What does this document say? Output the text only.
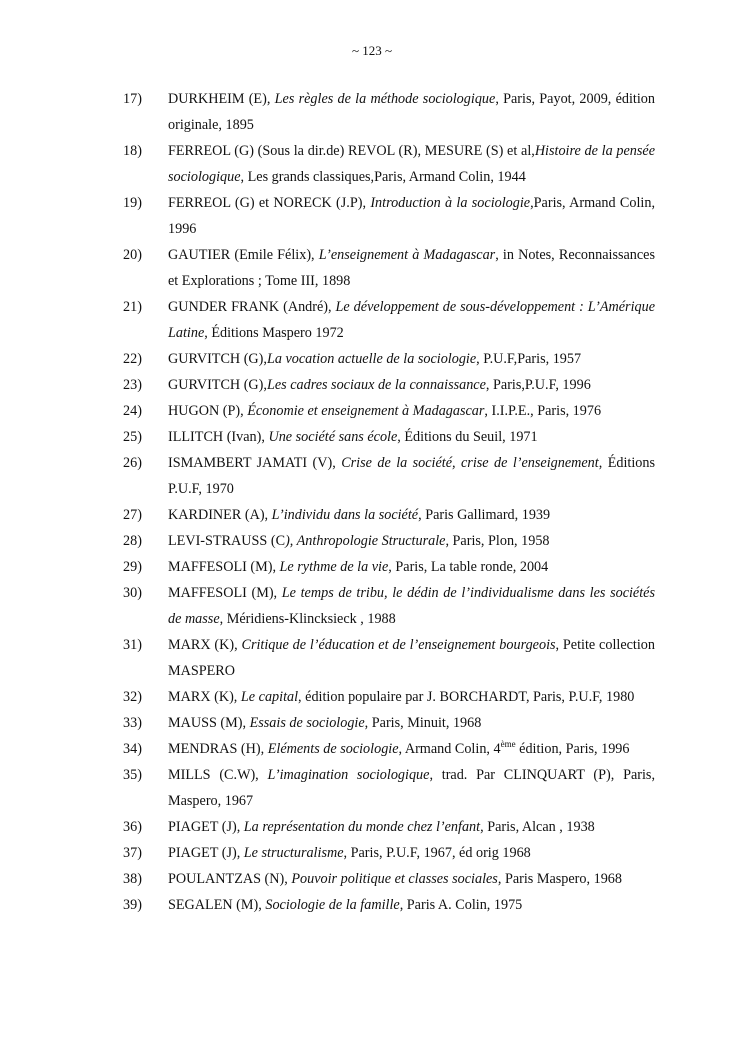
~ 123 ~
17) DURKHEIM (E), Les règles de la méthode sociologique, Paris, Payot, 2009, édition originale, 1895
18) FERREOL (G) (Sous la dir.de) REVOL (R), MESURE (S) et al,Histoire de la pensée sociologique, Les grands classiques,Paris, Armand Colin, 1944
19) FERREOL (G) et NORECK (J.P), Introduction à la sociologie,Paris, Armand Colin, 1996
20) GAUTIER (Emile Félix), L’enseignement à Madagascar, in Notes, Reconnaissances et Explorations ; Tome III, 1898
21) GUNDER FRANK (André), Le développement de sous-développement : L’Amérique Latine, Éditions Maspero 1972
22) GURVITCH (G),La vocation actuelle de la sociologie, P.U.F,Paris, 1957
23) GURVITCH (G),Les cadres sociaux de la connaissance, Paris,P.U.F, 1996
24) HUGON (P), Économie et enseignement à Madagascar, I.I.P.E., Paris, 1976
25) ILLITCH (Ivan), Une société sans école, Éditions du Seuil, 1971
26) ISMAMBERT JAMATI (V), Crise de la société, crise de l’enseignement, Éditions P.U.F, 1970
27) KARDINER (A), L’individu dans la société, Paris Gallimard, 1939
28) LEVI-STRAUSS (C), Anthropologie Structurale, Paris, Plon, 1958
29) MAFFESOLI (M), Le rythme de la vie, Paris, La table ronde, 2004
30) MAFFESOLI (M), Le temps de tribu, le dédin de l’individualisme dans les sociétés de masse, Méridiens-Klincksieck , 1988
31) MARX (K), Critique de l’éducation et de l’enseignement bourgeois, Petite collection MASPERO
32) MARX (K), Le capital, édition populaire par J. BORCHARDT, Paris, P.U.F, 1980
33) MAUSS (M), Essais de sociologie, Paris, Minuit, 1968
34) MENDRAS (H), Eléments de sociologie, Armand Colin, 4ème édition, Paris, 1996
35) MILLS (C.W), L’imagination sociologique, trad. Par CLINQUART (P), Paris, Maspero, 1967
36) PIAGET (J), La représentation du monde chez l’enfant, Paris, Alcan , 1938
37) PIAGET (J), Le structuralisme, Paris, P.U.F, 1967, éd orig 1968
38) POULANTZAS (N), Pouvoir politique et classes sociales, Paris Maspero, 1968
39) SEGALEN (M), Sociologie de la famille, Paris A. Colin, 1975
